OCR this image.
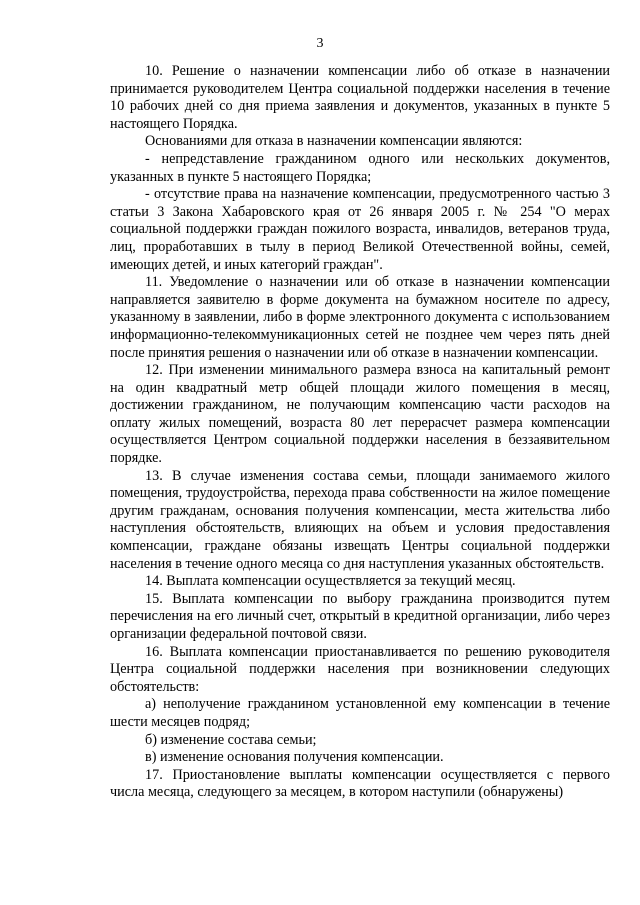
3

10. Решение о назначении компенсации либо об отказе в назначении принимается руководителем Центра социальной поддержки населения в течение 10 рабочих дней со дня приема заявления и документов, указанных в пункте 5 настоящего Порядка.

Основаниями для отказа в назначении компенсации являются:

- непредставление гражданином одного или нескольких документов, указанных в пункте 5 настоящего Порядка;

- отсутствие права на назначение компенсации, предусмотренного частью 3 статьи 3 Закона Хабаровского края от 26 января 2005 г. № 254 "О мерах социальной поддержки граждан пожилого возраста, инвалидов, ветеранов труда, лиц, проработавших в тылу в период Великой Отечественной войны, семей, имеющих детей, и иных категорий граждан".

11. Уведомление о назначении или об отказе в назначении компенсации направляется заявителю в форме документа на бумажном носителе по адресу, указанному в заявлении, либо в форме электронного документа с использованием информационно-телекоммуникационных сетей не позднее чем через пять дней после принятия решения о назначении или об отказе в назначении компенсации.

12. При изменении минимального размера взноса на капитальный ремонт на один квадратный метр общей площади жилого помещения в месяц, достижении гражданином, не получающим компенсацию части расходов на оплату жилых помещений, возраста 80 лет перерасчет размера компенсации осуществляется Центром социальной поддержки населения в беззаявительном порядке.

13. В случае изменения состава семьи, площади занимаемого жилого помещения, трудоустройства, перехода права собственности на жилое помещение другим гражданам, основания получения компенсации, места жительства либо наступления обстоятельств, влияющих на объем и условия предоставления компенсации, граждане обязаны извещать Центры социальной поддержки населения в течение одного месяца со дня наступления указанных обстоятельств.

14. Выплата компенсации осуществляется за текущий месяц.

15. Выплата компенсации по выбору гражданина производится путем перечисления на его личный счет, открытый в кредитной организации, либо через организации федеральной почтовой связи.

16. Выплата компенсации приостанавливается по решению руководителя Центра социальной поддержки населения при возникновении следующих обстоятельств:

а) неполучение гражданином установленной ему компенсации в течение шести месяцев подряд;

б) изменение состава семьи;

в) изменение основания получения компенсации.

17. Приостановление выплаты компенсации осуществляется с первого числа месяца, следующего за месяцем, в котором наступили (обнаружены)
